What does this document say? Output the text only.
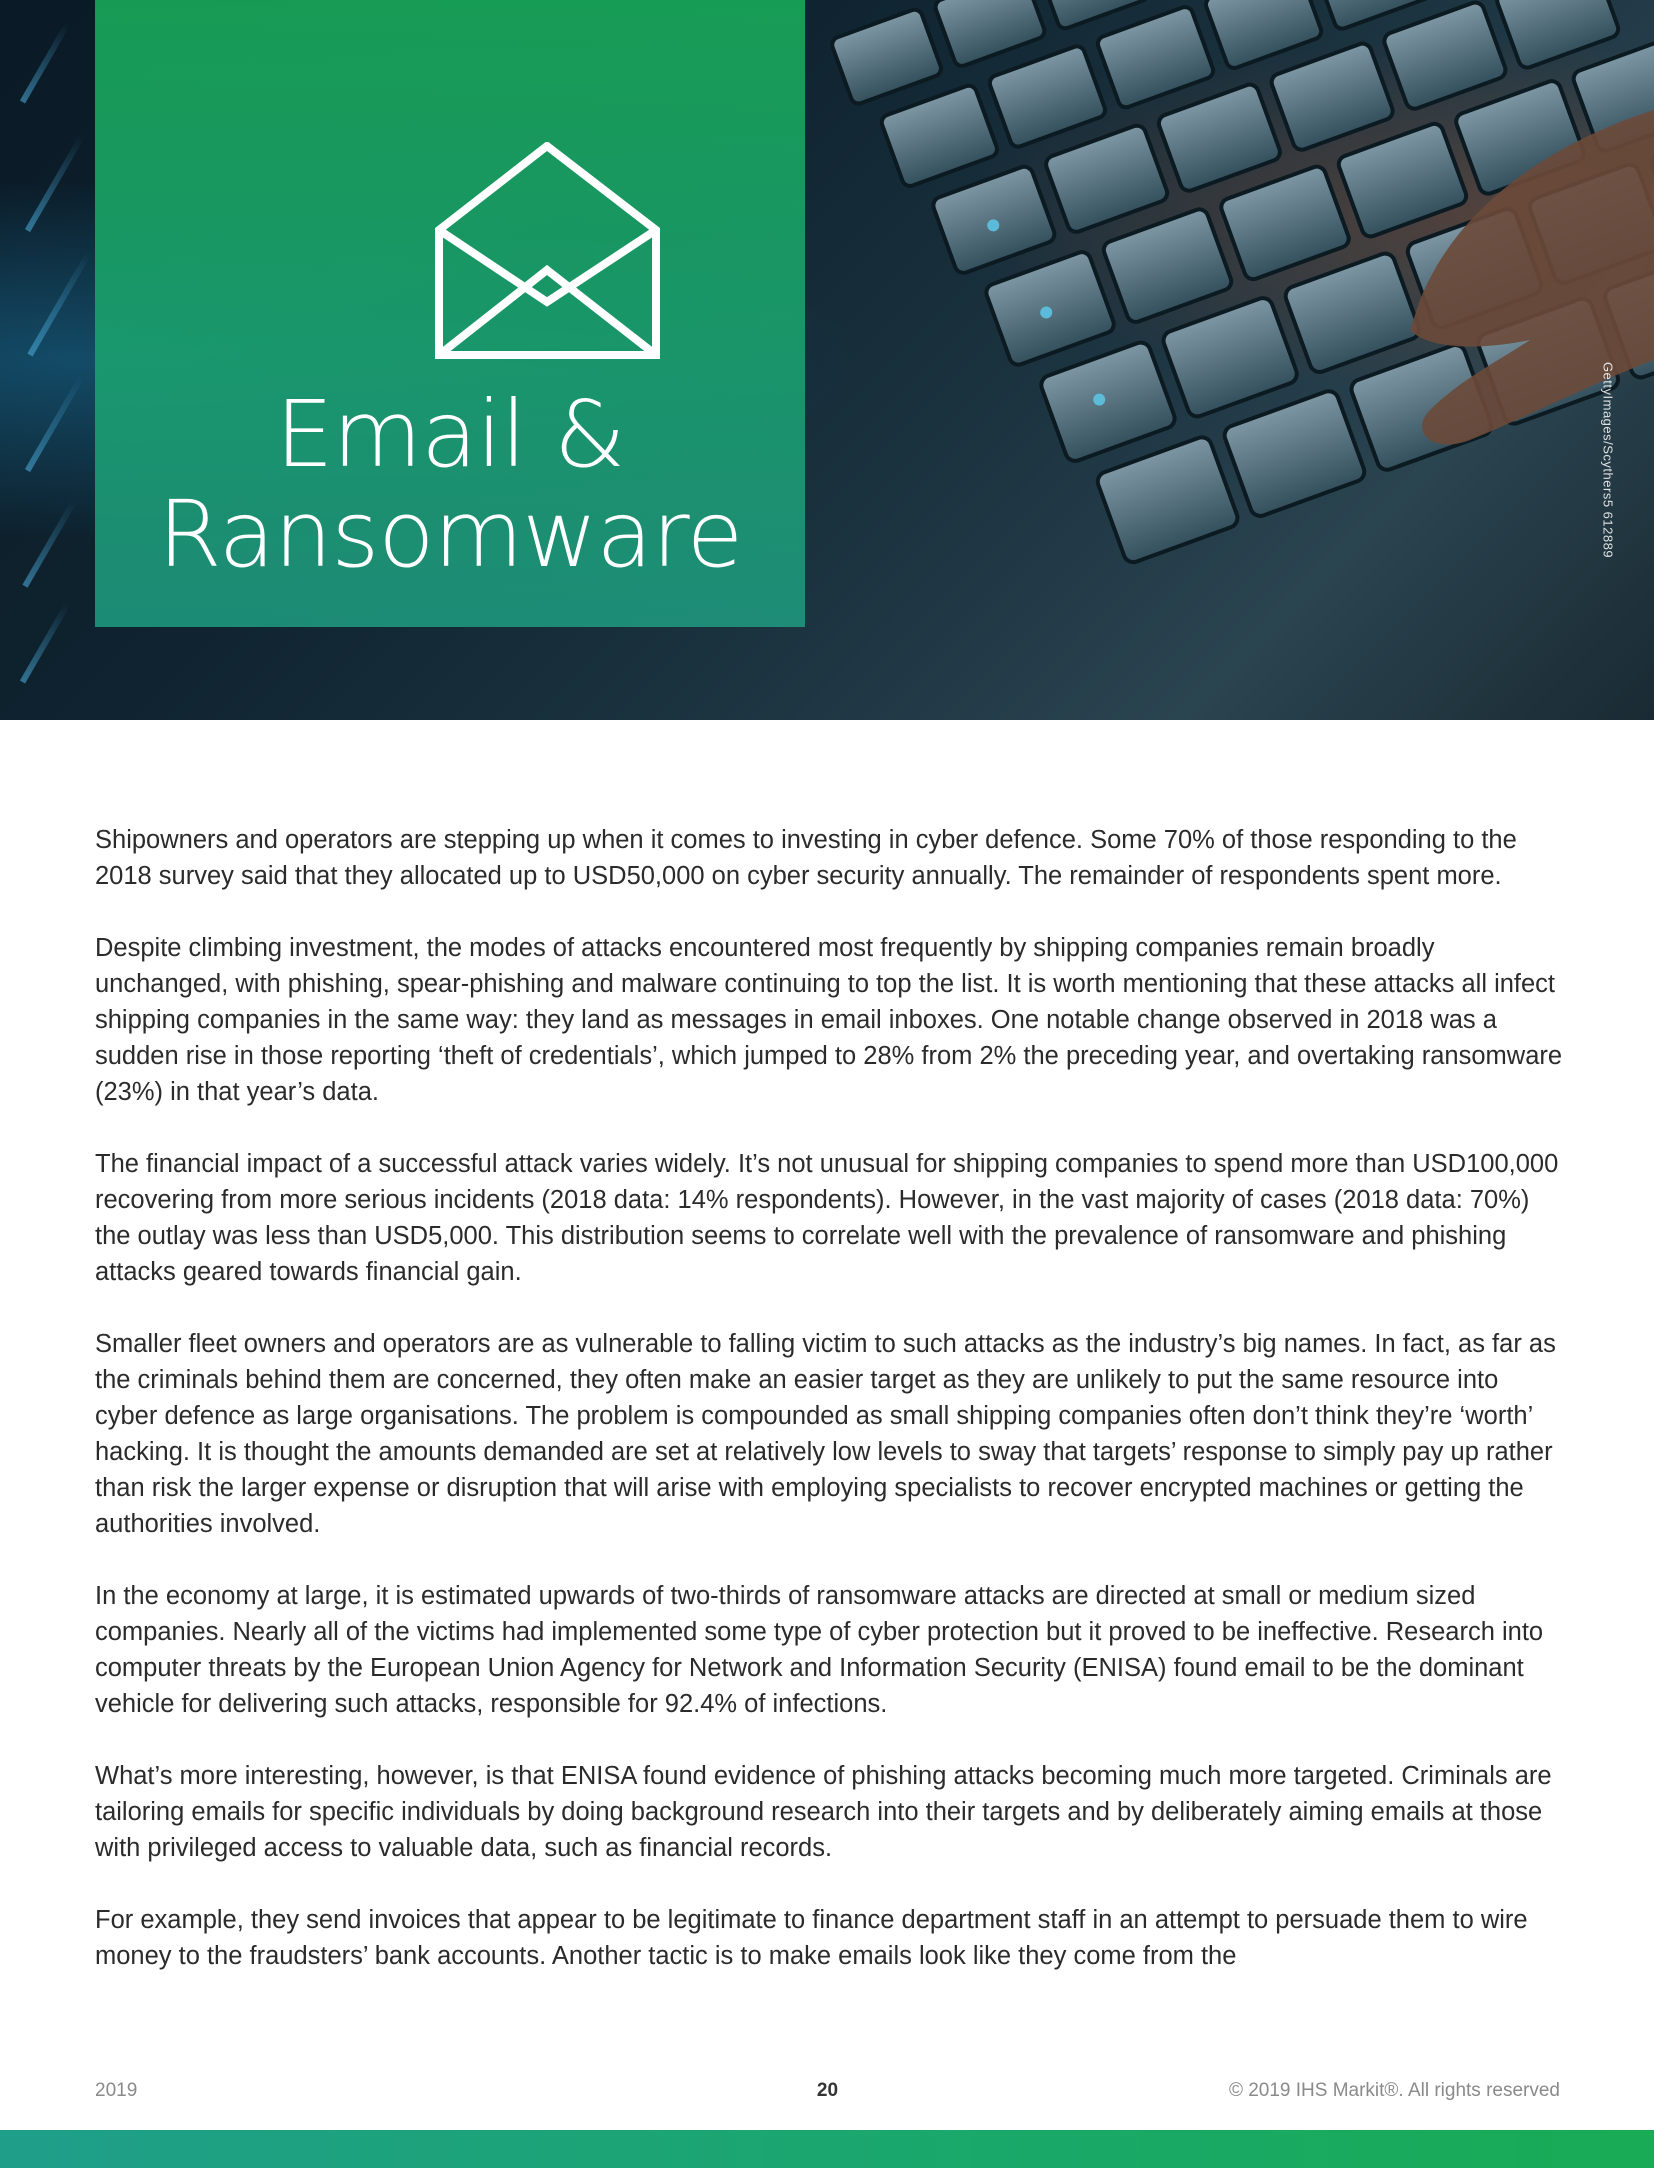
Email &
Ransomware	GettyImages/Scythers5 612889

Shipowners and operators are stepping up when it comes to investing in cyber defence. Some 70% of those responding to the 2018 survey said that they allocated up to USD50,000 on cyber security annually. The remainder of respondents spent more.

Despite climbing investment, the modes of attacks encountered most frequently by shipping companies remain broadly unchanged, with phishing, spear-phishing and malware continuing to top the list. It is worth mentioning that these attacks all infect shipping companies in the same way: they land as messages in email inboxes. One notable change observed in 2018 was a sudden rise in those reporting ‘theft of credentials’, which jumped to 28% from 2% the preceding year, and overtaking ransomware (23%) in that year’s data.

The financial impact of a successful attack varies widely. It’s not unusual for shipping companies to spend more than USD100,000 recovering from more serious incidents (2018 data: 14% respondents). However, in the vast majority of cases (2018 data: 70%) the outlay was less than USD5,000. This distribution seems to correlate well with the prevalence of ransomware and phishing attacks geared towards financial gain.

Smaller fleet owners and operators are as vulnerable to falling victim to such attacks as the industry’s big names. In fact, as far as the criminals behind them are concerned, they often make an easier target as they are unlikely to put the same resource into cyber defence as large organisations. The problem is compounded as small shipping companies often don’t think they’re ‘worth’ hacking. It is thought the amounts demanded are set at relatively low levels to sway that targets’ response to simply pay up rather than risk the larger expense or disruption that will arise with employing specialists to recover encrypted machines or getting the authorities involved.

In the economy at large, it is estimated upwards of two-thirds of ransomware attacks are directed at small or medium sized companies. Nearly all of the victims had implemented some type of cyber protection but it proved to be ineffective. Research into computer threats by the European Union Agency for Network and Information Security (ENISA) found email to be the dominant vehicle for delivering such attacks, responsible for 92.4% of infections.

What’s more interesting, however, is that ENISA found evidence of phishing attacks becoming much more targeted. Criminals are tailoring emails for specific individuals by doing background research into their targets and by deliberately aiming emails at those with privileged access to valuable data, such as financial records.

For example, they send invoices that appear to be legitimate to finance department staff in an attempt to persuade them to wire money to the fraudsters’ bank accounts. Another tactic is to make emails look like they come from the

2019	20	© 2019 IHS Markit®. All rights reserved
